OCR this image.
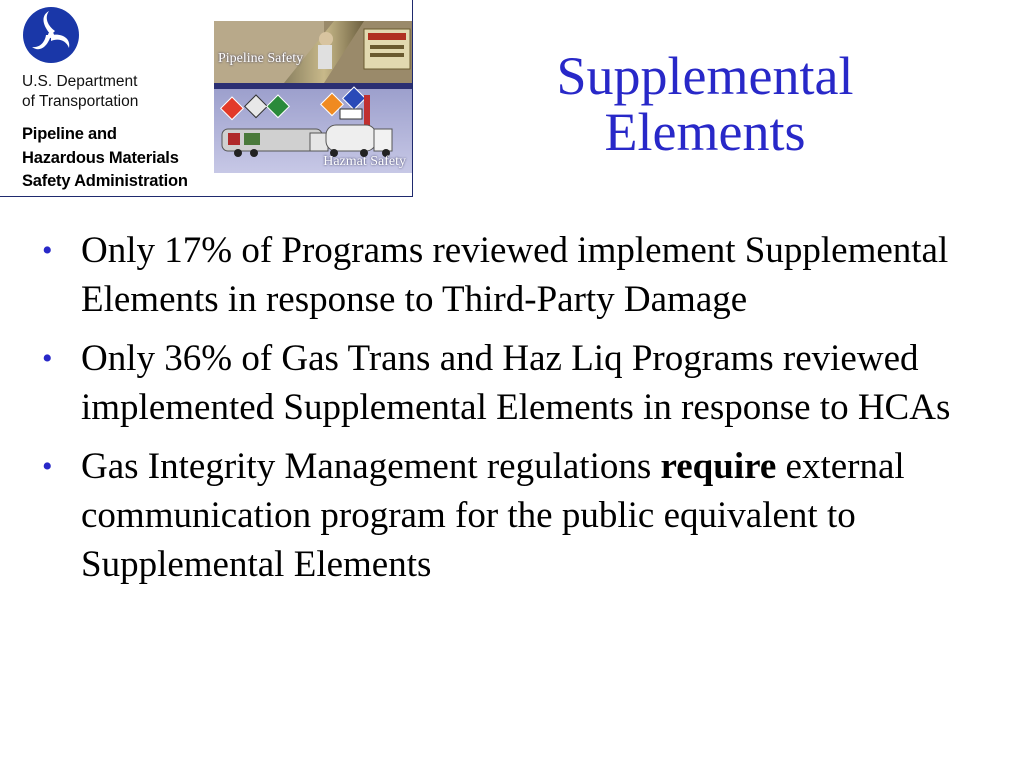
U.S. Department
of Transportation
Pipeline and
Hazardous Materials
Safety Administration
Pipeline Safety
Hazmat Safety
Supplemental
Elements
• Only 17% of Programs reviewed implement Supplemental Elements in response to Third-Party Damage
• Only 36% of Gas Trans and Haz Liq Programs reviewed implemented Supplemental Elements in response to HCAs
• Gas Integrity Management regulations require external communication program for the public equivalent to Supplemental Elements
